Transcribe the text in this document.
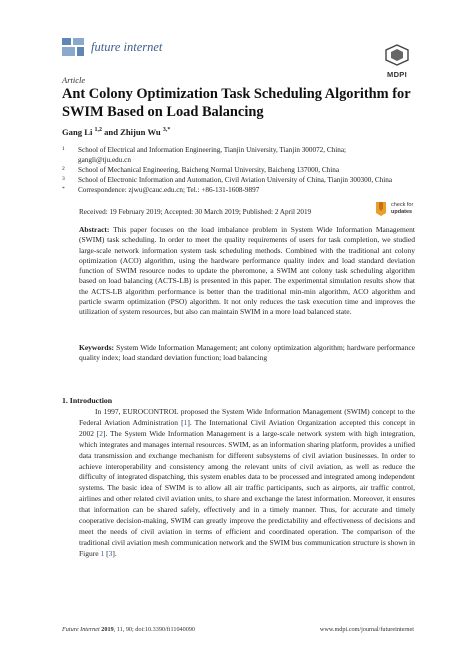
future internet
MDPI
Article
Ant Colony Optimization Task Scheduling Algorithm for SWIM Based on Load Balancing
Gang Li $^{1,2}$ and Zhijun Wu $^{3,*}$
1 School of Electrical and Information Engineering, Tianjin University, Tianjin 300072, China;
gangli@tju.edu.cn
2 School of Mechanical Engineering, Baicheng Normal University, Baicheng 137000, China
3 School of Electronic Information and Automation, Civil Aviation University of China, Tianjin 300300, China
* Correspondence: zjwu@cauc.edu.cn; Tel.: +86-131-1608-9897
Received: 19 February 2019; Accepted: 30 March 2019; Published: 2 April 2019
check for
updates
Abstract: This paper focuses on the load imbalance problem in System Wide Information Management (SWIM) task scheduling. In order to meet the quality requirements of users for task completion, we studied large-scale network information system task scheduling methods. Combined with the traditional ant colony optimization (ACO) algorithm, using the hardware performance quality index and load standard deviation function of SWIM resource nodes to update the pheromone, a SWIM ant colony task scheduling algorithm based on load balancing (ACTS-LB) is presented in this paper. The experimental simulation results show that the ACTS-LB algorithm performance is better than the traditional min-min algorithm, ACO algorithm and particle swarm optimization (PSO) algorithm. It not only reduces the task execution time and improves the utilization of system resources, but also can maintain SWIM in a more load balanced state.
Keywords: System Wide Information Management; ant colony optimization algorithm; hardware performance quality index; load standard deviation function; load balancing
1. Introduction
In 1997, EUROCONTROL proposed the System Wide Information Management (SWIM) concept to the Federal Aviation Administration [1]. The International Civil Aviation Organization accepted this concept in 2002 [2]. The System Wide Information Management is a large-scale network system with high integration, which integrates and manages internal resources. SWIM, as an information sharing platform, provides a unified data transmission and exchange mechanism for different subsystems of civil aviation businesses. In order to achieve interoperability and consistency among the relevant units of civil aviation, as well as reduce the difficulty of integrated dispatching, this system enables data to be processed and integrated among independent systems. The basic idea of SWIM is to allow all air traffic participants, such as airports, air traffic control, airlines and other related civil aviation units, to share and exchange the latest information. Moreover, it ensures that information can be shared safely, effectively and in a timely manner. Thus, for accurate and timely cooperative decision-making, SWIM can greatly improve the predictability and effectiveness of decisions and meet the needs of civil aviation in terms of efficient and coordinated operation. The comparison of the traditional civil aviation mesh communication network and the SWIM bus communication structure is shown in Figure 1 [3].
Future Internet 2019, 11, 90; doi:10.3390/fi11040090	www.mdpi.com/journal/futureinternet
